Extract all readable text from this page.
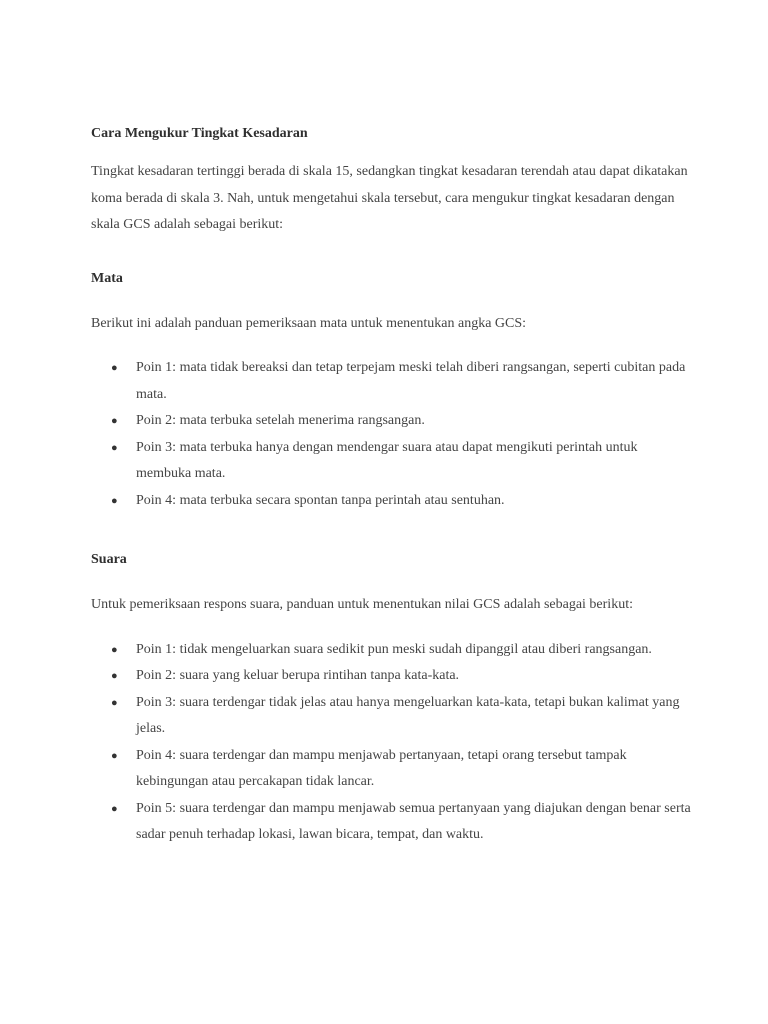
Cara Mengukur Tingkat Kesadaran

Tingkat kesadaran tertinggi berada di skala 15, sedangkan tingkat kesadaran terendah atau dapat dikatakan koma berada di skala 3. Nah, untuk mengetahui skala tersebut, cara mengukur tingkat kesadaran dengan skala GCS adalah sebagai berikut:

Mata

Berikut ini adalah panduan pemeriksaan mata untuk menentukan angka GCS:

● Poin 1: mata tidak bereaksi dan tetap terpejam meski telah diberi rangsangan, seperti cubitan pada mata.
● Poin 2: mata terbuka setelah menerima rangsangan.
● Poin 3: mata terbuka hanya dengan mendengar suara atau dapat mengikuti perintah untuk membuka mata.
● Poin 4: mata terbuka secara spontan tanpa perintah atau sentuhan.
Suara

Untuk pemeriksaan respons suara, panduan untuk menentukan nilai GCS adalah sebagai berikut:

● Poin 1: tidak mengeluarkan suara sedikit pun meski sudah dipanggil atau diberi rangsangan.
● Poin 2: suara yang keluar berupa rintihan tanpa kata-kata.
● Poin 3: suara terdengar tidak jelas atau hanya mengeluarkan kata-kata, tetapi bukan kalimat yang jelas.
● Poin 4: suara terdengar dan mampu menjawab pertanyaan, tetapi orang tersebut tampak kebingungan atau percakapan tidak lancar.
● Poin 5: suara terdengar dan mampu menjawab semua pertanyaan yang diajukan dengan benar serta sadar penuh terhadap lokasi, lawan bicara, tempat, dan waktu.
